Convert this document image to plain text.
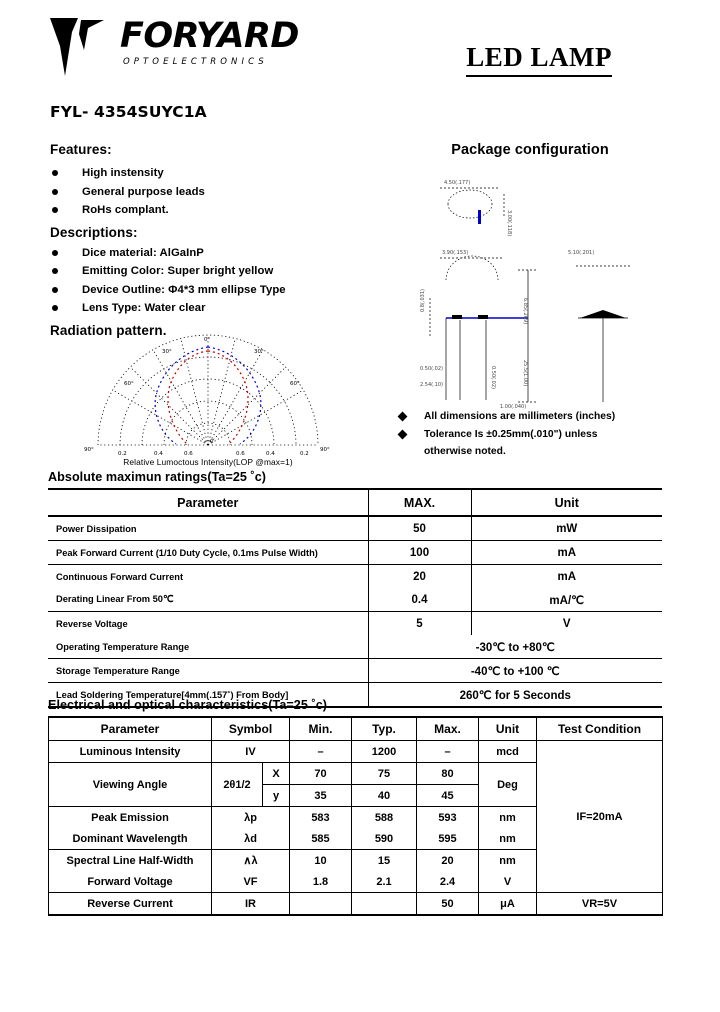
FORYARD
OPTOELECTRONICS	LED LAMP
FYL- 4354SUYC1A
Features:
High instensity
General purpose leads
RoHs complant.
Descriptions:
Dice material: AlGaInP
Emitting Color: Super bright yellow
Device Outline: Φ4*3 mm ellipse Type
Lens Type: Water clear
Radiation pattern.
90°	90°
60°	60°
30°	30°
0°
0
0.2	0.4	0.6	0.6	0.4	0.2
Relative Lumoctous Intensity(LOP @max=1)
Package configuration
4.50(.177)
3.00(.118)
3.90(.153)	5.10(.201)
0.8(.031)	6.85(.269)
25.5(1.00)
1.00(.040)
0.50(.02)
2.54(.10)	0.50(.02)
All dimensions are millimeters (inches)
Tolerance Is ±0.25mm(.010") unlessotherwise noted.
Absolute maximun ratings(Ta=25 ˚c)
Parameter	MAX.	Unit
Power Dissipation	50	mW
Peak Forward Current (1/10 Duty Cycle, 0.1ms Pulse Width)	100	mA
Continuous Forward Current	20	mA
Derating Linear From 50℃	0.4	mA/℃
Reverse Voltage	5	V
Operating Temperature Range	-30℃ to +80℃	
Storage Temperature Range	-40℃ to +100 ℃	
Lead Soldering Temperature[4mm(.157˚) From Body]	260℃ for 5 Seconds	
Electrical and optical characteristics(Ta=25 ˚c)
Parameter	Symbol		Min.	Typ.	Max.	Unit	Test Condition
Luminous Intensity	IV		–	1200	–	mcd	IF=20mA
Viewing Angle	2θ1/2	X	70	75	80	Deg	
		y	35	40	45		
Peak Emission	λp		583	588	593	nm	
Dominant Wavelength	λd		585	590	595	nm	
Spectral Line Half-Width	∧λ		10	15	20	nm	
Forward Voltage	VF		1.8	2.1	2.4	V	
Reverse Current	IR				50	μA	VR=5V
